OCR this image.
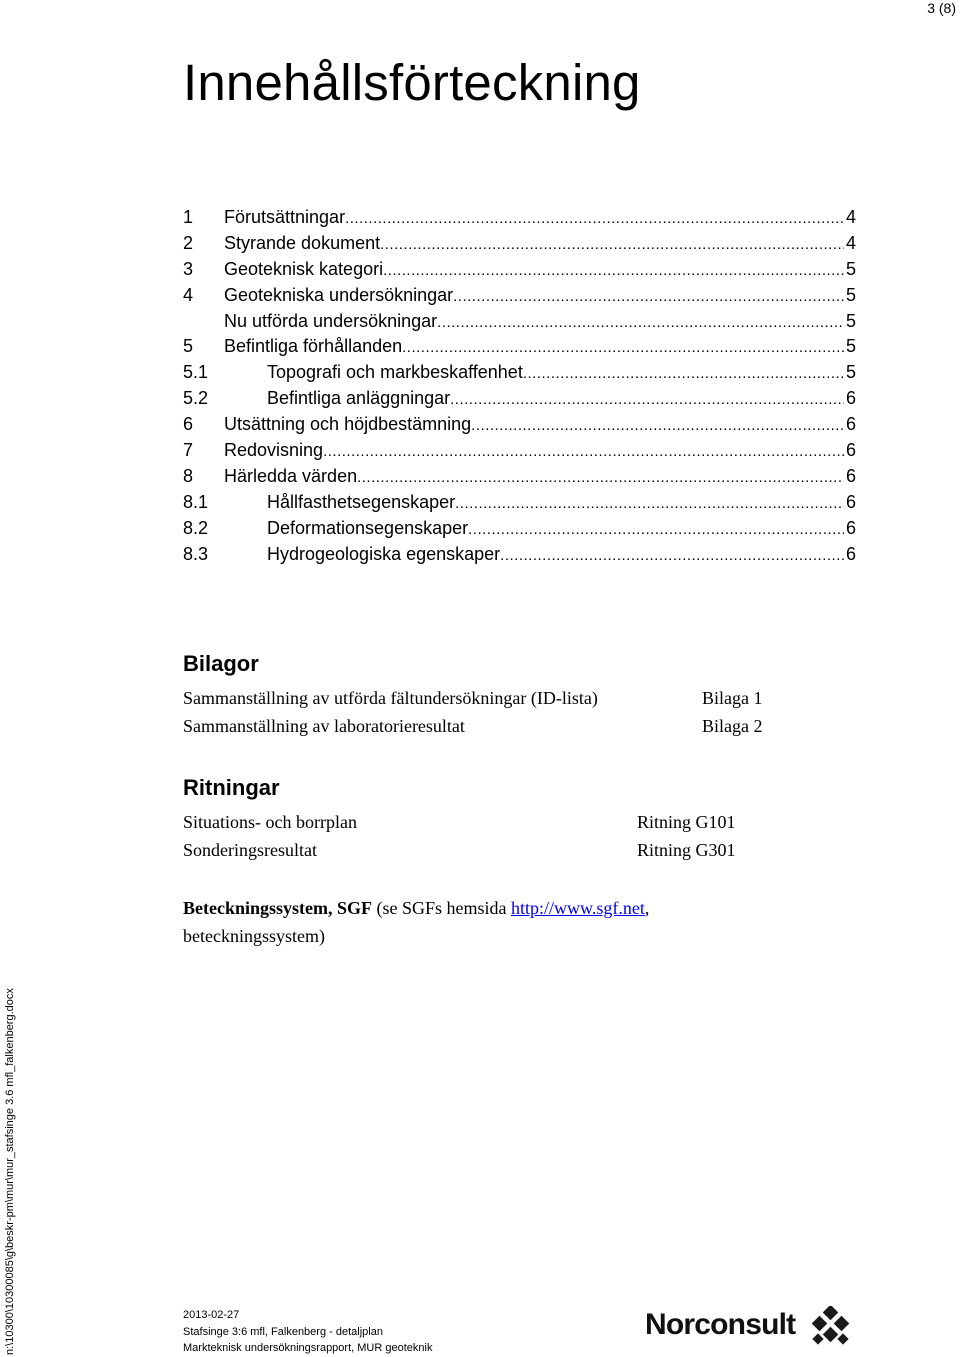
3 (8)
Innehållsförteckning
1	Förutsättningar .....	4
2	Styrande dokument .....	4
3	Geoteknisk kategori .....	5
4	Geotekniska undersökningar .....	5
Nu utförda undersökningar .....	5
5	Befintliga förhållanden .....	5
5.1	Topografi och markbeskaffenhet .....	5
5.2	Befintliga anläggningar .....	6
6	Utsättning och höjdbestämning .....	6
7	Redovisning .....	6
8	Härledda värden .....	6
8.1	Hållfasthetsegenskaper .....	6
8.2	Deformationsegenskaper .....	6
8.3	Hydrogeologiska egenskaper .....	6
Bilagor
Sammanställning av utförda fältundersökningar (ID-lista)	Bilaga 1
Sammanställning av laboratorieresultat	Bilaga 2
Ritningar
Situations- och borrplan	Ritning G101
Sonderingsresultat	Ritning G301
Beteckningssystem, SGF (se SGFs hemsida http://www.sgf.net, beteckningssystem)
n:\10300\10300085\g\beskr-pm\mur\mur_stafsinge 3.6 mfl_falkenberg.docx	2013-02-27
Stafsinge 3:6 mfl, Falkenberg - detaljplan
Markteknisk undersökningsrapport, MUR geoteknik
Norconsult
